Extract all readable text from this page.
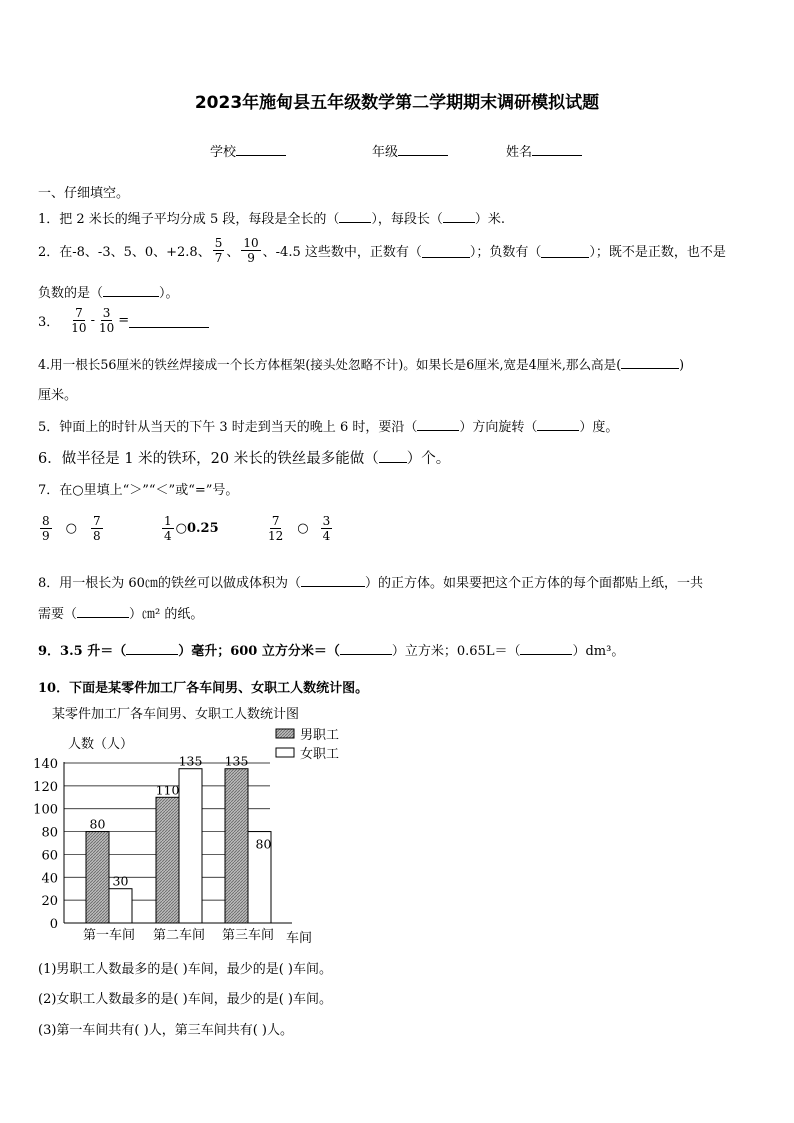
2023年施甸县五年级数学第二学期期末调研模拟试题
学校	年级	姓名
一、仔细填空。
1．把 2 米长的绳子平均分成 5 段，每段是全长的（ ），每段长（ ）米.
2．在-8、-3、5、0、+2.8、 $\frac{5}{7}$ 、 $\frac{10}{9}$ 、-4.5 这些数中，正数有（	）；负数有（	）；既不是正数，也不是
负数的是（	）。
3． $\frac{7}{10} - \frac{3}{10}$ =
4.用一根长56厘米的铁丝焊接成一个长方体框架(接头处忽略不计)。如果长是6厘米,宽是4厘米,那么高是(	)
厘米。
5．钟面上的时针从当天的下午 3 时走到当天的晚上 6 时，要沿（	）方向旋转（	）度。
6．做半径是 1 米的铁环，20 米长的铁丝最多能做（ ）个。
7．在○里填上“＞”“＜”或“=”号。
$\frac{8}{9}$ ○ $\frac{7}{8}$	$\frac{1}{4}$ ○ 0.25	$\frac{7}{12}$ ○ $\frac{3}{4}$
8．用一根长为 60㎝的铁丝可以做成体积为（	）的正方体。如果要把这个正方体的每个面都贴上纸，一共
需要（	）㎝² 的纸。
9．3.5 升＝（	）毫升；600 立方分米＝（	）立方米；0.65L＝（	）dm³。
10．下面是某零件加工厂各车间男、女职工人数统计图。
某零件加工厂各车间男、女职工人数统计图
人数（人）
车间
0
20
40
60
80
100
120
140
80
30
110
135 135
80
第一车间 第二车间 第三车间
男职工
女职工
(1)男职工人数最多的是( )车间，最少的是( )车间。
(2)女职工人数最多的是( )车间，最少的是( )车间。
(3)第一车间共有( )人，第三车间共有( )人。
